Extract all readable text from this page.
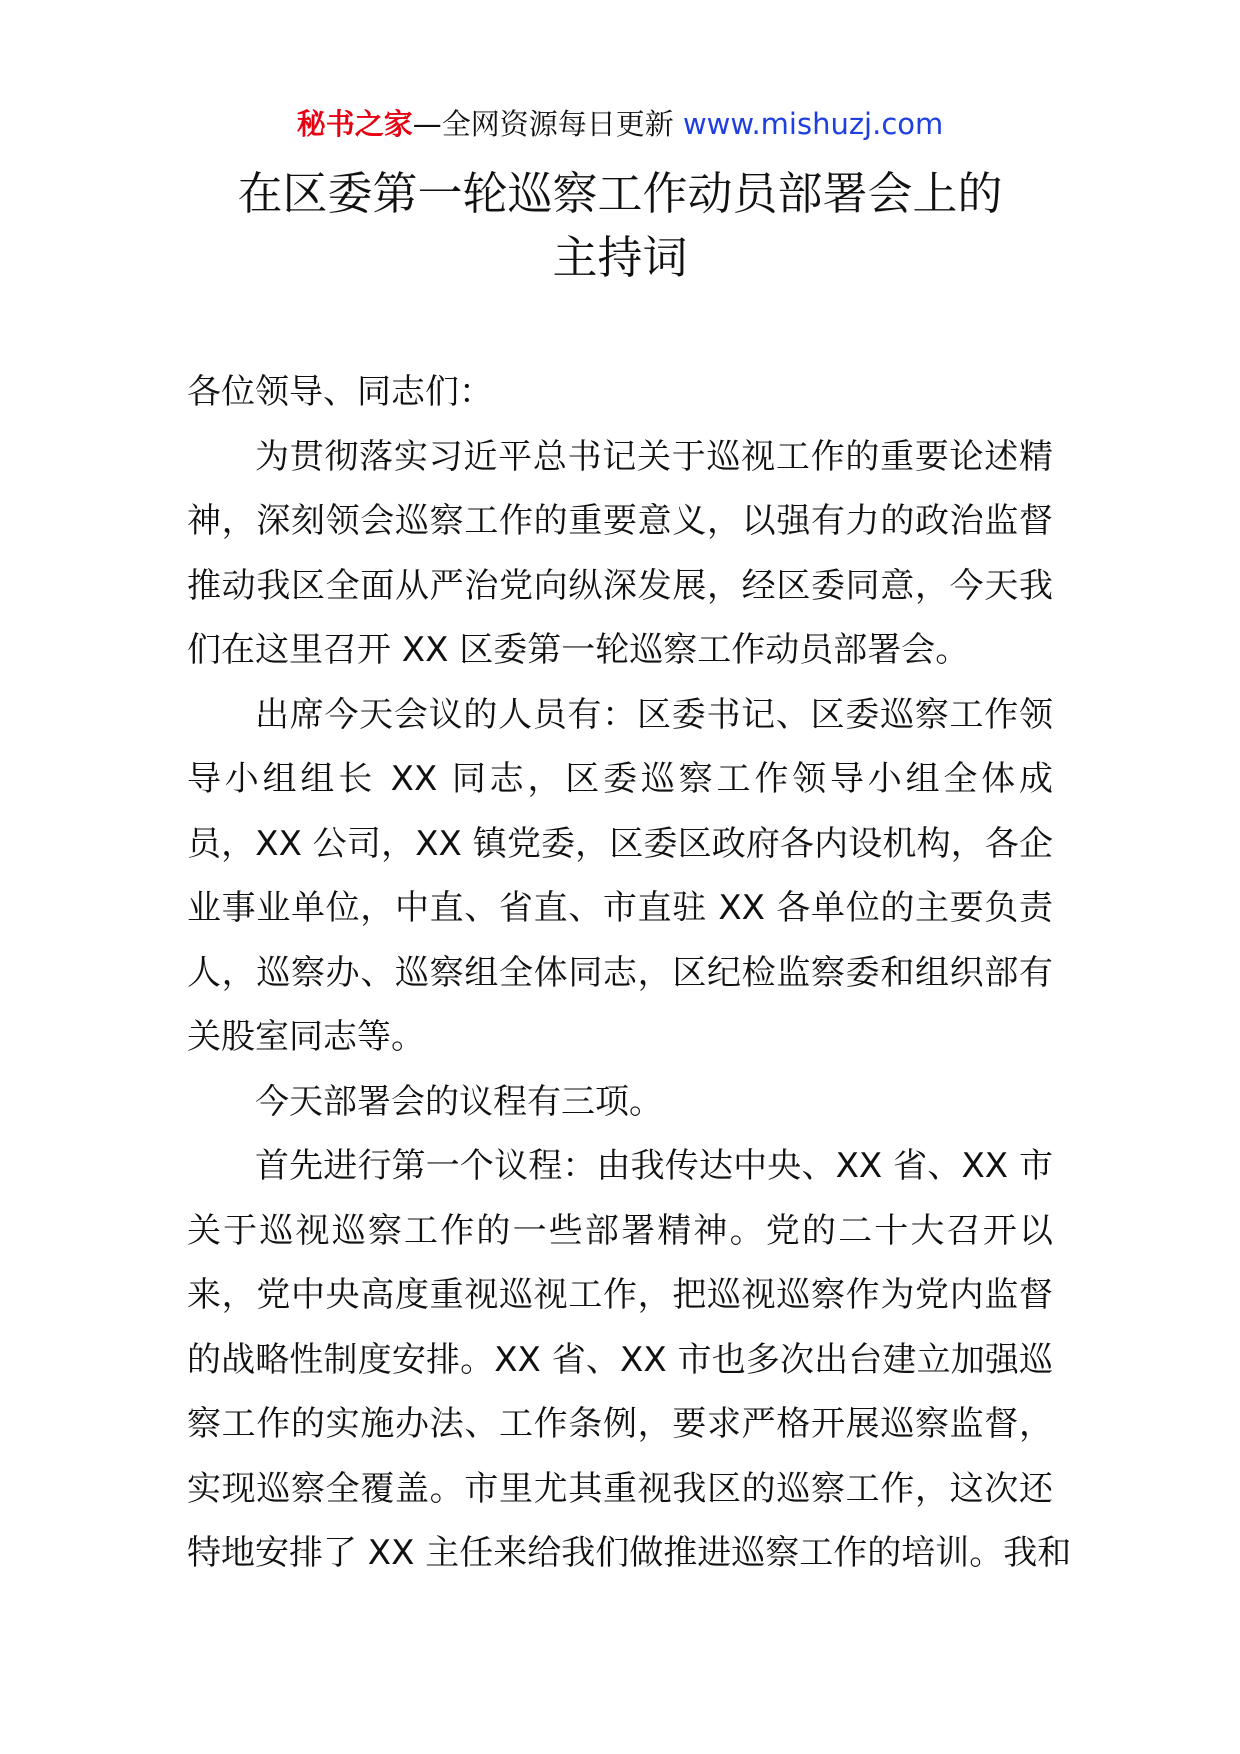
秘书之家—全网资源每日更新 www.mishuzj.com
在区委第一轮巡察工作动员部署会上的
主持词
各位领导、同志们：
为贯彻落实习近平总书记关于巡视工作的重要论述精
神，深刻领会巡察工作的重要意义，以强有力的政治监督
推动我区全面从严治党向纵深发展，经区委同意，今天我
们在这里召开 XX 区委第一轮巡察工作动员部署会。
出席今天会议的人员有：区委书记、区委巡察工作领
导小组组长 XX 同志，区委巡察工作领导小组全体成
员，XX 公司，XX 镇党委，区委区政府各内设机构，各企
业事业单位，中直、省直、市直驻 XX 各单位的主要负责
人，巡察办、巡察组全体同志，区纪检监察委和组织部有
关股室同志等。
今天部署会的议程有三项。
首先进行第一个议程：由我传达中央、XX 省、XX 市
关于巡视巡察工作的一些部署精神。党的二十大召开以
来，党中央高度重视巡视工作，把巡视巡察作为党内监督
的战略性制度安排。XX 省、XX 市也多次出台建立加强巡
察工作的实施办法、工作条例，要求严格开展巡察监督，
实现巡察全覆盖。市里尤其重视我区的巡察工作，这次还
特地安排了 XX 主任来给我们做推进巡察工作的培训。我和
